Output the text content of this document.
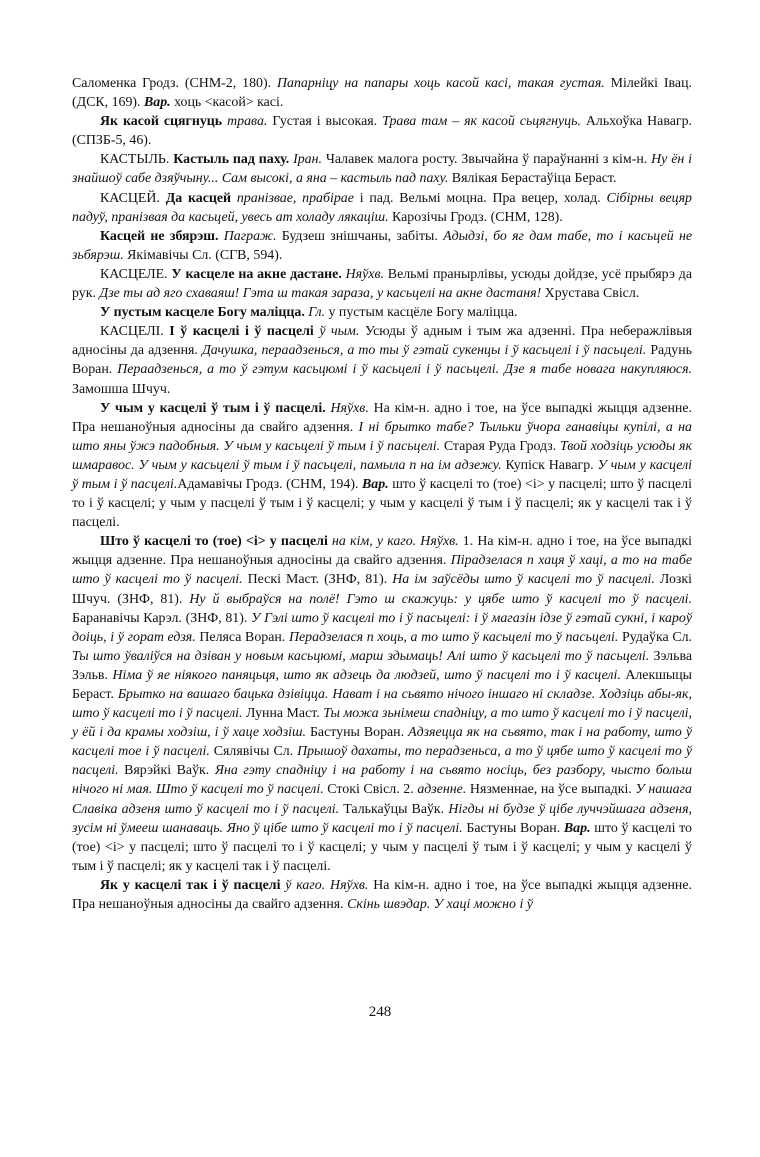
Саломенка Гродз. (СНМ-2, 180). Папарніцу на папары хоць касой касі, такая густая. Мілейкі Івац. (ДСК, 169). Вар. хоць <касой> касі.

Як касой сцягнуць трава. Густая і высокая. Трава там – як касой сьцягнуць. Альхоўка Навагр. (СПЗБ-5, 46).

КАСТЫЛЬ. Кастыль пад паху. Іран. Чалавек малога росту. Звычайна ў параўнанні з кім-н. Ну ён і знайшоў сабе дзяўчыну... Сам высокі, а яна – кастыль пад паху. Вялікая Берастаўіца Бераст.

КАСЦЕЙ. Да касцей пранізвае, прабірае і пад. Вельмі моцна. Пра вецер, холад. Сібірны вецяр падуў, пранізвая да касьцей, увесь ат холаду лякаціш. Карозічы Гродз. (СНМ, 128).

Касцей не збярэш. Паграж. Будзеш знішчаны, забіты. Адыдзі, бо яг дам табе, то і касьцей не зьбярэш. Якімавічы Сл. (СГВ, 594).

КАСЦЕЛЕ. У касцеле на акне дастане. Няўхв. Вельмі пранырлівы, усюды дойдзе, усё прыбярэ да рук. Дзе ты ад яго схаваяш! Гэта ш такая зараза, у касьцелі на акне дастаня! Хрустава Свісл.

У пустым касцеле Богу маліцца. Гл. у пустым касцёле Богу маліцца.

КАСЦЕЛІ. І ў касцелі і ў пасцелі ў чым. Усюды ў адным і тым жа адзенні. Пра неберажлівыя адносіны да адзення. Дачушка, пераадзенься, а то ты ў гэтай сукенцы і ў касьцелі і ў пасьцелі. Радунь Воран. Пераадзенься, а то ў гэтум касьцюмі і ў касьцелі і ў пасьцелі. Дзе я табе новага накупляюся. Замошша Шчуч.

У чым у касцелі ў тым і ў пасцелі. Няўхв. На кім-н. адно і тое, на ўсе выпадкі жыцця адзенне. Пра нешаноўныя адносіны да свайго адзення. І ні брытко табе? Тыльки ўчора ганавіцы купілі, а на што яны ўжэ падобныя. У чым у касьцелі ў тым і ў пасьцелі. Старая Руда Гродз. Твой ходзіць усюды як шмаравос. У чым у касьцелі ў тым і ў пасьцелі, памыла п на ім адзежу. Купіск Навагр. У чым у касцелі ў тым і ў пасцелі.Адамавічы Гродз. (СНМ, 194). Вар. што ў касцелі то (тое) <і> у пасцелі; што ў пасцелі то і ў касцелі; у чым у пасцелі ў тым і ў касцелі; у чым у касцелі ў тым і ў пасцелі; як у касцелі так і ў пасцелі.

Што ў касцелі то (тое) <і> у пасцелі на кім, у каго. Няўхв. 1. На кім-н. адно і тое, на ўсе выпадкі жыцця адзенне. Пра нешаноўныя адносіны да свайго адзення. Пірадзелася п хаця ў хаці, а то на табе што ў касцелі то ў пасцелі. Пескі Маст. (ЗНФ, 81). На ім заўсёды што ў касцелі то ў пасцелі. Лозкі Шчуч. (ЗНФ, 81). Ну й выбраўся на полё! Гэто ш скажуць: у цябе што ў касцелі то ў пасцелі. Баранавічы Карэл. (ЗНФ, 81). У Гэлі што ў касцелі то і ў пасьцелі: і ў магазін ідзе ў гэтай сукні, і кароў доіць, і ў горат едзя. Пеляса Воран. Перадзелася п хоць, а то што ў касьцелі то ў пасьцелі. Рудаўка Сл. Ты што ўваліўся на дзіван у новым касьцюмі, марш здымаць! Алі што ў касьцелі то ў пасьцелі. Зэльва Зэльв. Німа ў яе ніякого паняцьця, што як адзець да людзей, што ў пасцелі то і ў касцелі. Алекшыцы Бераст. Брытко на вашаго бацька дзівіцца. Нават і на сьвято нічого іншаго ні складзе. Ходзіць абы-як, што ў касцелі то і ў пасцелі. Лунна Маст. Ты можа зьнімеш спадніцу, а то што ў касцелі то і ў пасцелі, у ёй і да крамы ходзіш, і ў хаце ходзіш. Бастуны Воран. Адзяецца як на сьвято, так і на работу, што ў касцелі тое і ў пасцелі. Сялявічы Сл. Прышоў дахаты, то перадзеньса, а то ў цябе што ў касцелі то ў пасцелі. Вярэйкі Ваўк. Яна гэту спадніцу і на работу і на сьвято носіць, без разбору, чысто больш нічого ні мая. Што ў касцелі то ў пасцелі. Стокі Свісл. 2. адзенне. Нязменнае, на ўсе выпадкі. У нашага Славіка адзеня што ў касцелі то і ў пасцелі. Талькаўцы Ваўк. Нігды ні будзе ў цібе луччэйшага адзеня, зусім ні ўмееш шанаваць. Яно ў цібе што ў касцелі то і ў пасцелі. Бастуны Воран. Вар. што ў касцелі то (тое) <і> у пасцелі; што ў пасцелі то і ў касцелі; у чым у пасцелі ў тым і ў касцелі; у чым у касцелі ў тым і ў пасцелі; як у касцелі так і ў пасцелі.

Як у касцелі так і ў пасцелі ў каго. Няўхв. На кім-н. адно і тое, на ўсе выпадкі жыцця адзенне. Пра нешаноўныя адносіны да свайго адзення. Скінь швэдар. У хаці можно і ў

248
